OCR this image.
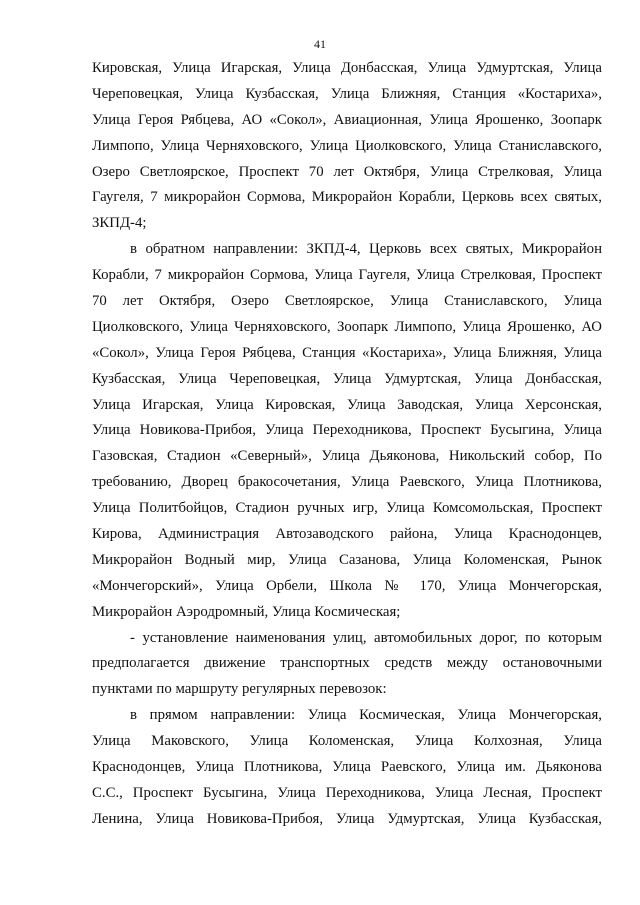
41
Кировская, Улица Игарская, Улица Донбасская, Улица Удмуртская, Улица
Череповецкая, Улица Кузбасская, Улица Ближняя, Станция «Костариха»,
Улица Героя Рябцева, АО «Сокол», Авиационная, Улица Ярошенко, Зоопарк
Лимпопо, Улица Черняховского, Улица Циолковского, Улица Станиславского,
Озеро Светлоярское, Проспект 70 лет Октября, Улица Стрелковая, Улица
Гаугеля, 7 микрорайон Сормова, Микрорайон Корабли, Церковь всех святых,
ЗКПД-4;
в обратном направлении: ЗКПД-4, Церковь всех святых, Микрорайон
Корабли, 7 микрорайон Сормова, Улица Гаугеля, Улица Стрелковая, Проспект
70 лет Октября, Озеро Светлоярское, Улица Станиславского, Улица
Циолковского, Улица Черняховского, Зоопарк Лимпопо, Улица Ярошенко, АО
«Сокол», Улица Героя Рябцева, Станция «Костариха», Улица Ближняя, Улица
Кузбасская, Улица Череповецкая, Улица Удмуртская, Улица Донбасская,
Улица Игарская, Улица Кировская, Улица Заводская, Улица Херсонская,
Улица Новикова-Прибоя, Улица Переходникова, Проспект Бусыгина, Улица
Газовская, Стадион «Северный», Улица Дьяконова, Никольский собор, По
требованию, Дворец бракосочетания, Улица Раевского, Улица Плотникова,
Улица Политбойцов, Стадион ручных игр, Улица Комсомольская, Проспект
Кирова, Администрация Автозаводского района, Улица Краснодонцев,
Микрорайон Водный мир, Улица Сазанова, Улица Коломенская, Рынок
«Мончегорский», Улица Орбели, Школа № 170, Улица Мончегорская,
Микрорайон Аэродромный, Улица Космическая;
- установление наименования улиц, автомобильных дорог, по которым
предполагается движение транспортных средств между остановочными
пунктами по маршруту регулярных перевозок:
в прямом направлении: Улица Космическая, Улица Мончегорская,
Улица Маковского, Улица Коломенская, Улица Колхозная, Улица
Краснодонцев, Улица Плотникова, Улица Раевского, Улица им. Дьяконова
С.С., Проспект Бусыгина, Улица Переходникова, Улица Лесная, Проспект
Ленина, Улица Новикова-Прибоя, Улица Удмуртская, Улица Кузбасская,
